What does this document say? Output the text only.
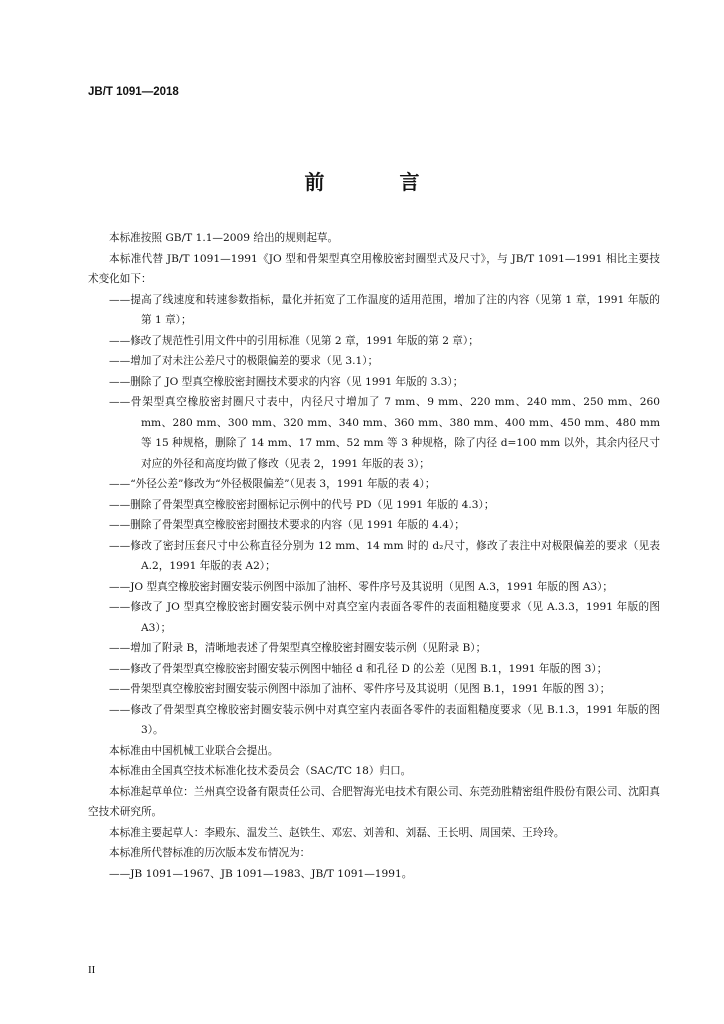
JB/T 1091—2018
前 言

本标准按照 GB/T 1.1—2009 给出的规则起草。

本标准代替 JB/T 1091—1991《JO 型和骨架型真空用橡胶密封圈型式及尺寸》，与 JB/T 1091—1991 相比主要技术变化如下：

——提高了线速度和转速参数指标，量化并拓宽了工作温度的适用范围，增加了注的内容（见第 1 章，1991 年版的第 1 章）；

——修改了规范性引用文件中的引用标准（见第 2 章，1991 年版的第 2 章）；

——增加了对未注公差尺寸的极限偏差的要求（见 3.1）；

——删除了 JO 型真空橡胶密封圈技术要求的内容（见 1991 年版的 3.3）；

——骨架型真空橡胶密封圈尺寸表中，内径尺寸增加了 7 mm、9 mm、220 mm、240 mm、250 mm、260 mm、280 mm、300 mm、320 mm、340 mm、360 mm、380 mm、400 mm、450 mm、480 mm 等 15 种规格，删除了 14 mm、17 mm、52 mm 等 3 种规格，除了内径 d=100 mm 以外，其余内径尺寸对应的外径和高度均做了修改（见表 2，1991 年版的表 3）；

——“外径公差”修改为“外径极限偏差”（见表 3，1991 年版的表 4）；

——删除了骨架型真空橡胶密封圈标记示例中的代号 PD（见 1991 年版的 4.3）；

——删除了骨架型真空橡胶密封圈技术要求的内容（见 1991 年版的 4.4）；

——修改了密封压套尺寸中公称直径分别为 12 mm、14 mm 时的 d₂尺寸，修改了表注中对极限偏差的要求（见表 A.2，1991 年版的表 A2）；

——JO 型真空橡胶密封圈安装示例图中添加了油杯、零件序号及其说明（见图 A.3，1991 年版的图 A3）；

——修改了 JO 型真空橡胶密封圈安装示例中对真空室内表面各零件的表面粗糙度要求（见 A.3.3，1991 年版的图 A3）；

——增加了附录 B，清晰地表述了骨架型真空橡胶密封圈安装示例（见附录 B）；

——修改了骨架型真空橡胶密封圈安装示例图中轴径 d 和孔径 D 的公差（见图 B.1，1991 年版的图 3）；

——骨架型真空橡胶密封圈安装示例图中添加了油杯、零件序号及其说明（见图 B.1，1991 年版的图 3）；

——修改了骨架型真空橡胶密封圈安装示例中对真空室内表面各零件的表面粗糙度要求（见 B.1.3，1991 年版的图 3）。

本标准由中国机械工业联合会提出。

本标准由全国真空技术标准化技术委员会（SAC/TC 18）归口。

本标准起草单位：兰州真空设备有限责任公司、合肥智海光电技术有限公司、东莞劲胜精密组件股份有限公司、沈阳真空技术研究所。

本标准主要起草人：李殿东、温发兰、赵铁生、邓宏、刘善和、刘磊、王长明、周国荣、王玲玲。

本标准所代替标准的历次版本发布情况为：

——JB 1091—1967、JB 1091—1983、JB/T 1091—1991。

II
